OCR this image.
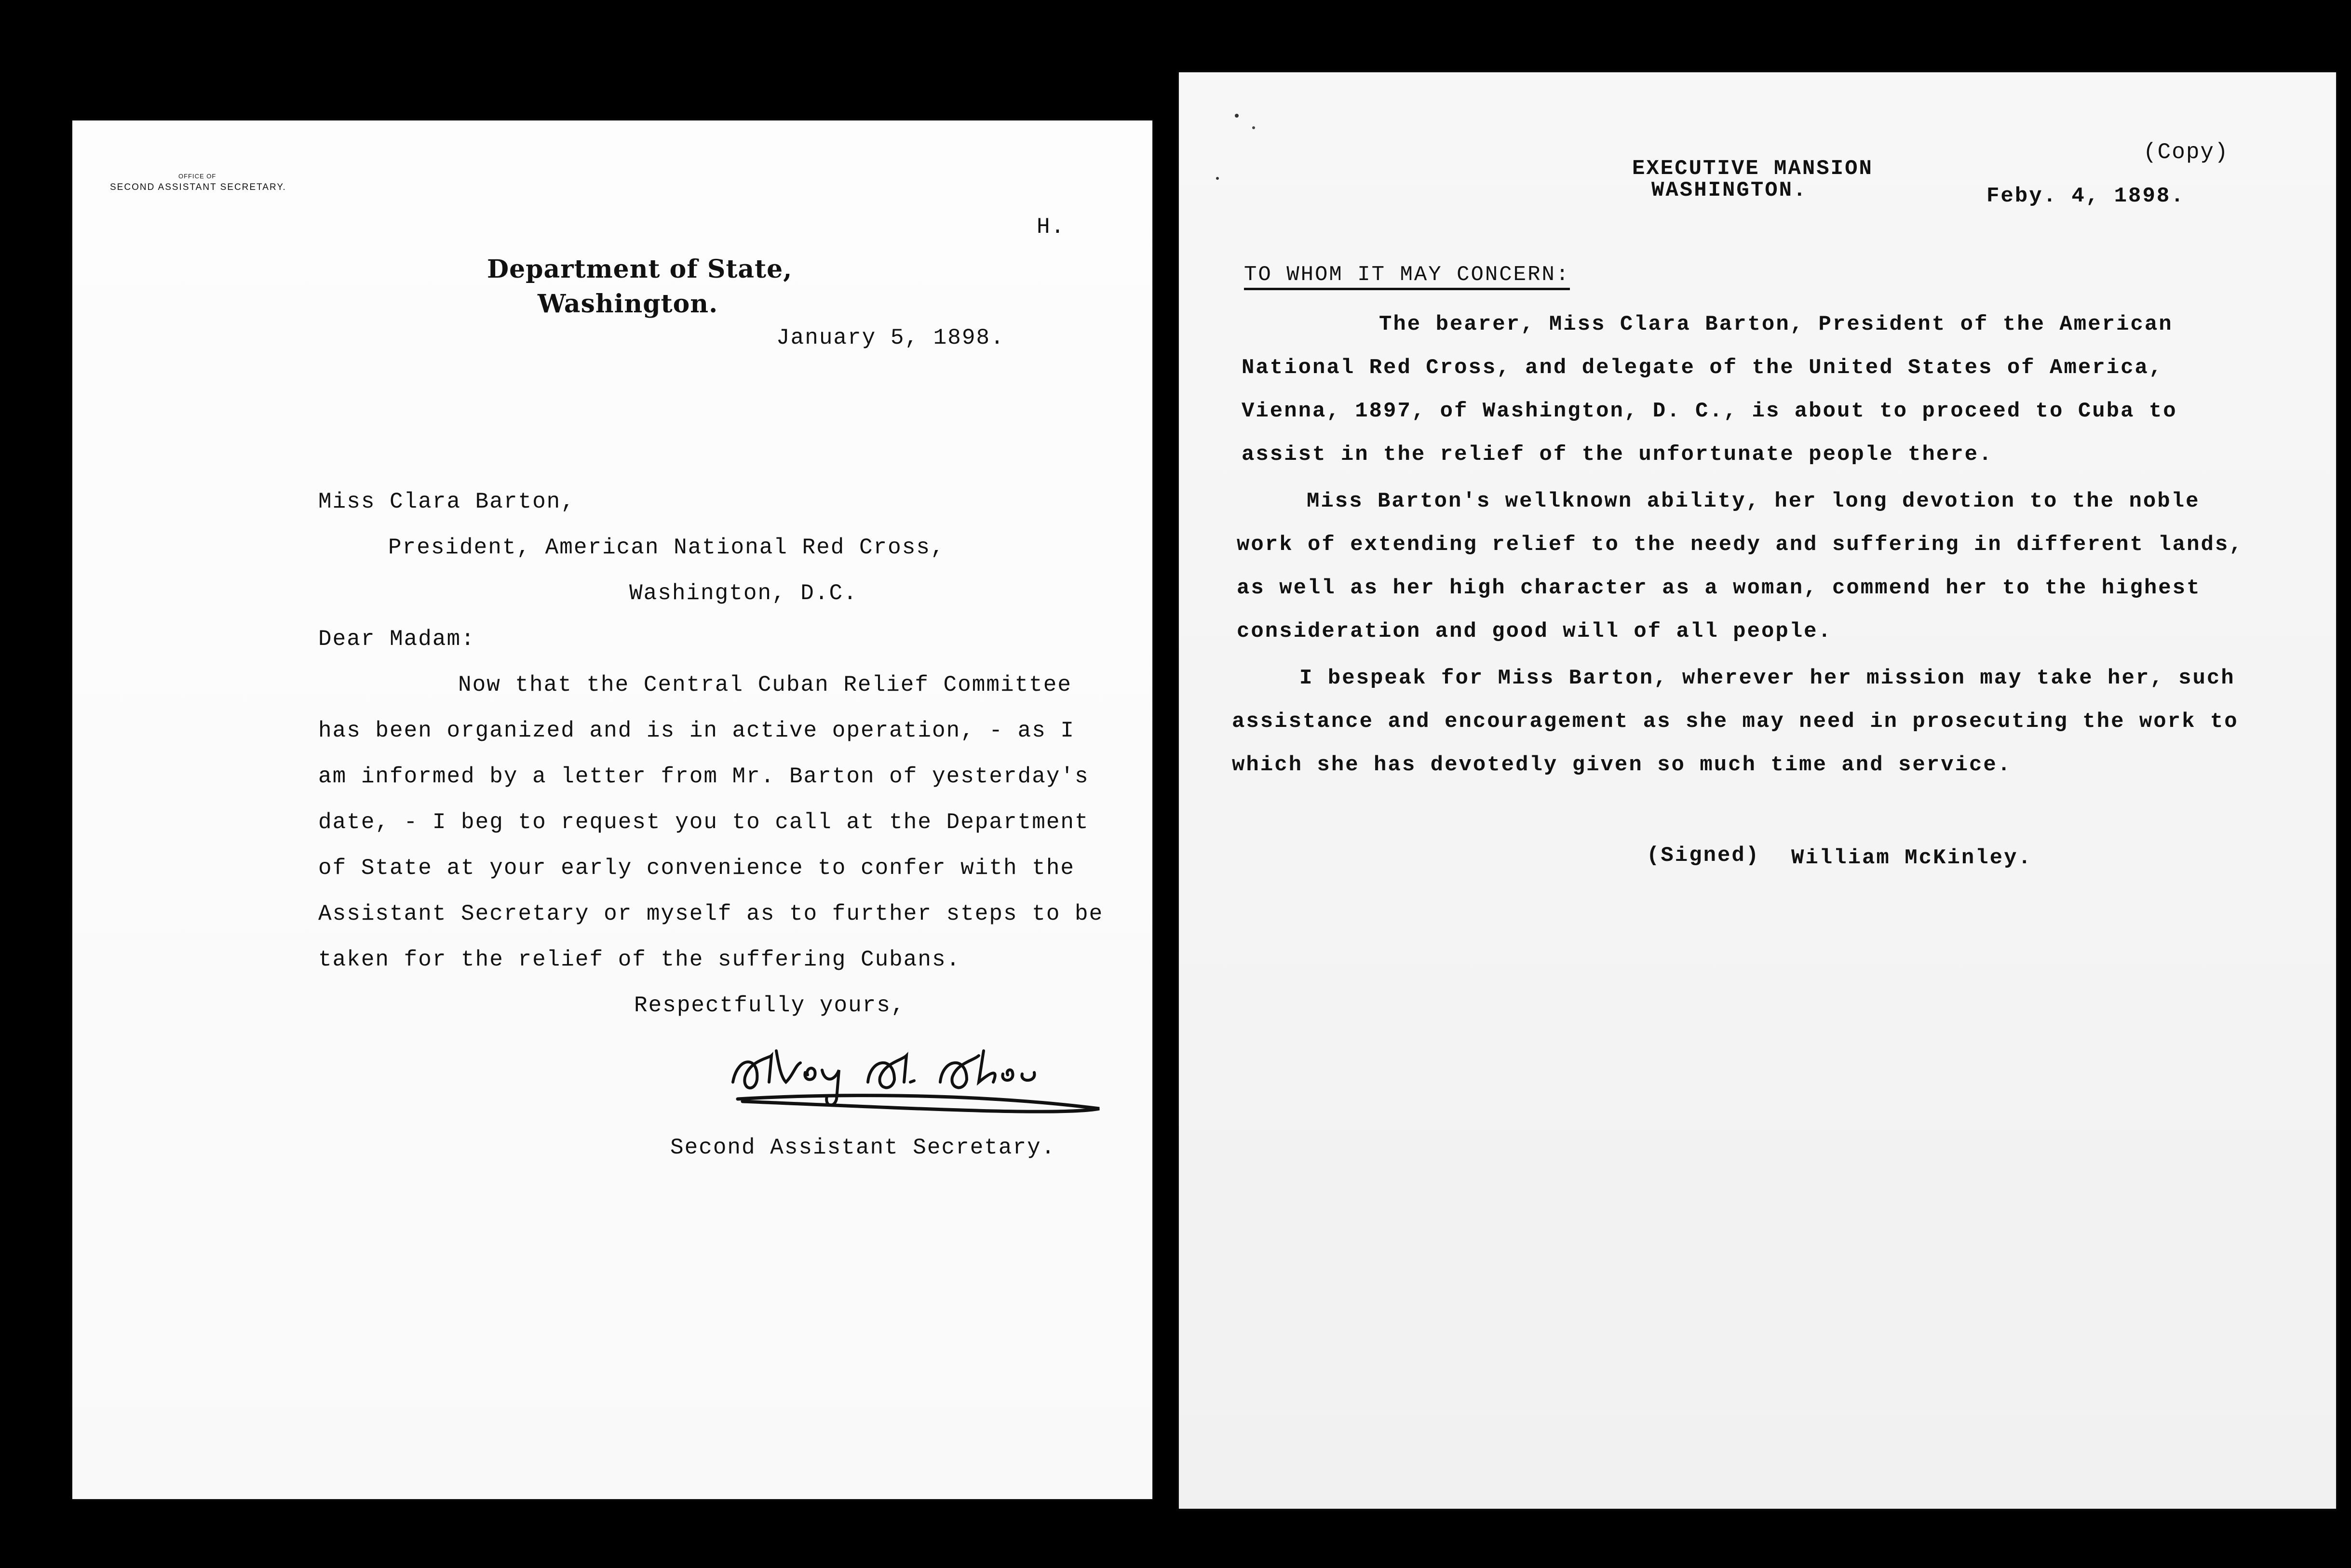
OFFICE OF
SECOND ASSISTANT SECRETARY.
H.
Department of State,
Washington.
January 5, 1898.
Miss Clara Barton,
President, American National Red Cross,
Washington, D.C.
Dear Madam:
Now that the Central Cuban Relief Committee
has been organized and is in active operation, - as I
am informed by a letter from Mr. Barton of yesterday's
date, - I beg to request you to call at the Department
of State at your early convenience to confer with the
Assistant Secretary or myself as to further steps to be
taken for the relief of the suffering Cubans.
Respectfully yours,
Second Assistant Secretary.
EXECUTIVE MANSION
WASHINGTON.
(Copy)
Feby. 4, 1898.
TO WHOM IT MAY CONCERN:
The bearer, Miss Clara Barton, President of the American
National Red Cross, and delegate of the United States of America,
Vienna, 1897, of Washington, D. C., is about to proceed to Cuba to
assist in the relief of the unfortunate people there.
Miss Barton's wellknown ability, her long devotion to the noble
work of extending relief to the needy and suffering in different lands,
as well as her high character as a woman, commend her to the highest
consideration and good will of all people.
I bespeak for Miss Barton, wherever her mission may take her, such
assistance and encouragement as she may need in prosecuting the work to
which she has devotedly given so much time and service.
(Signed) William McKinley.
